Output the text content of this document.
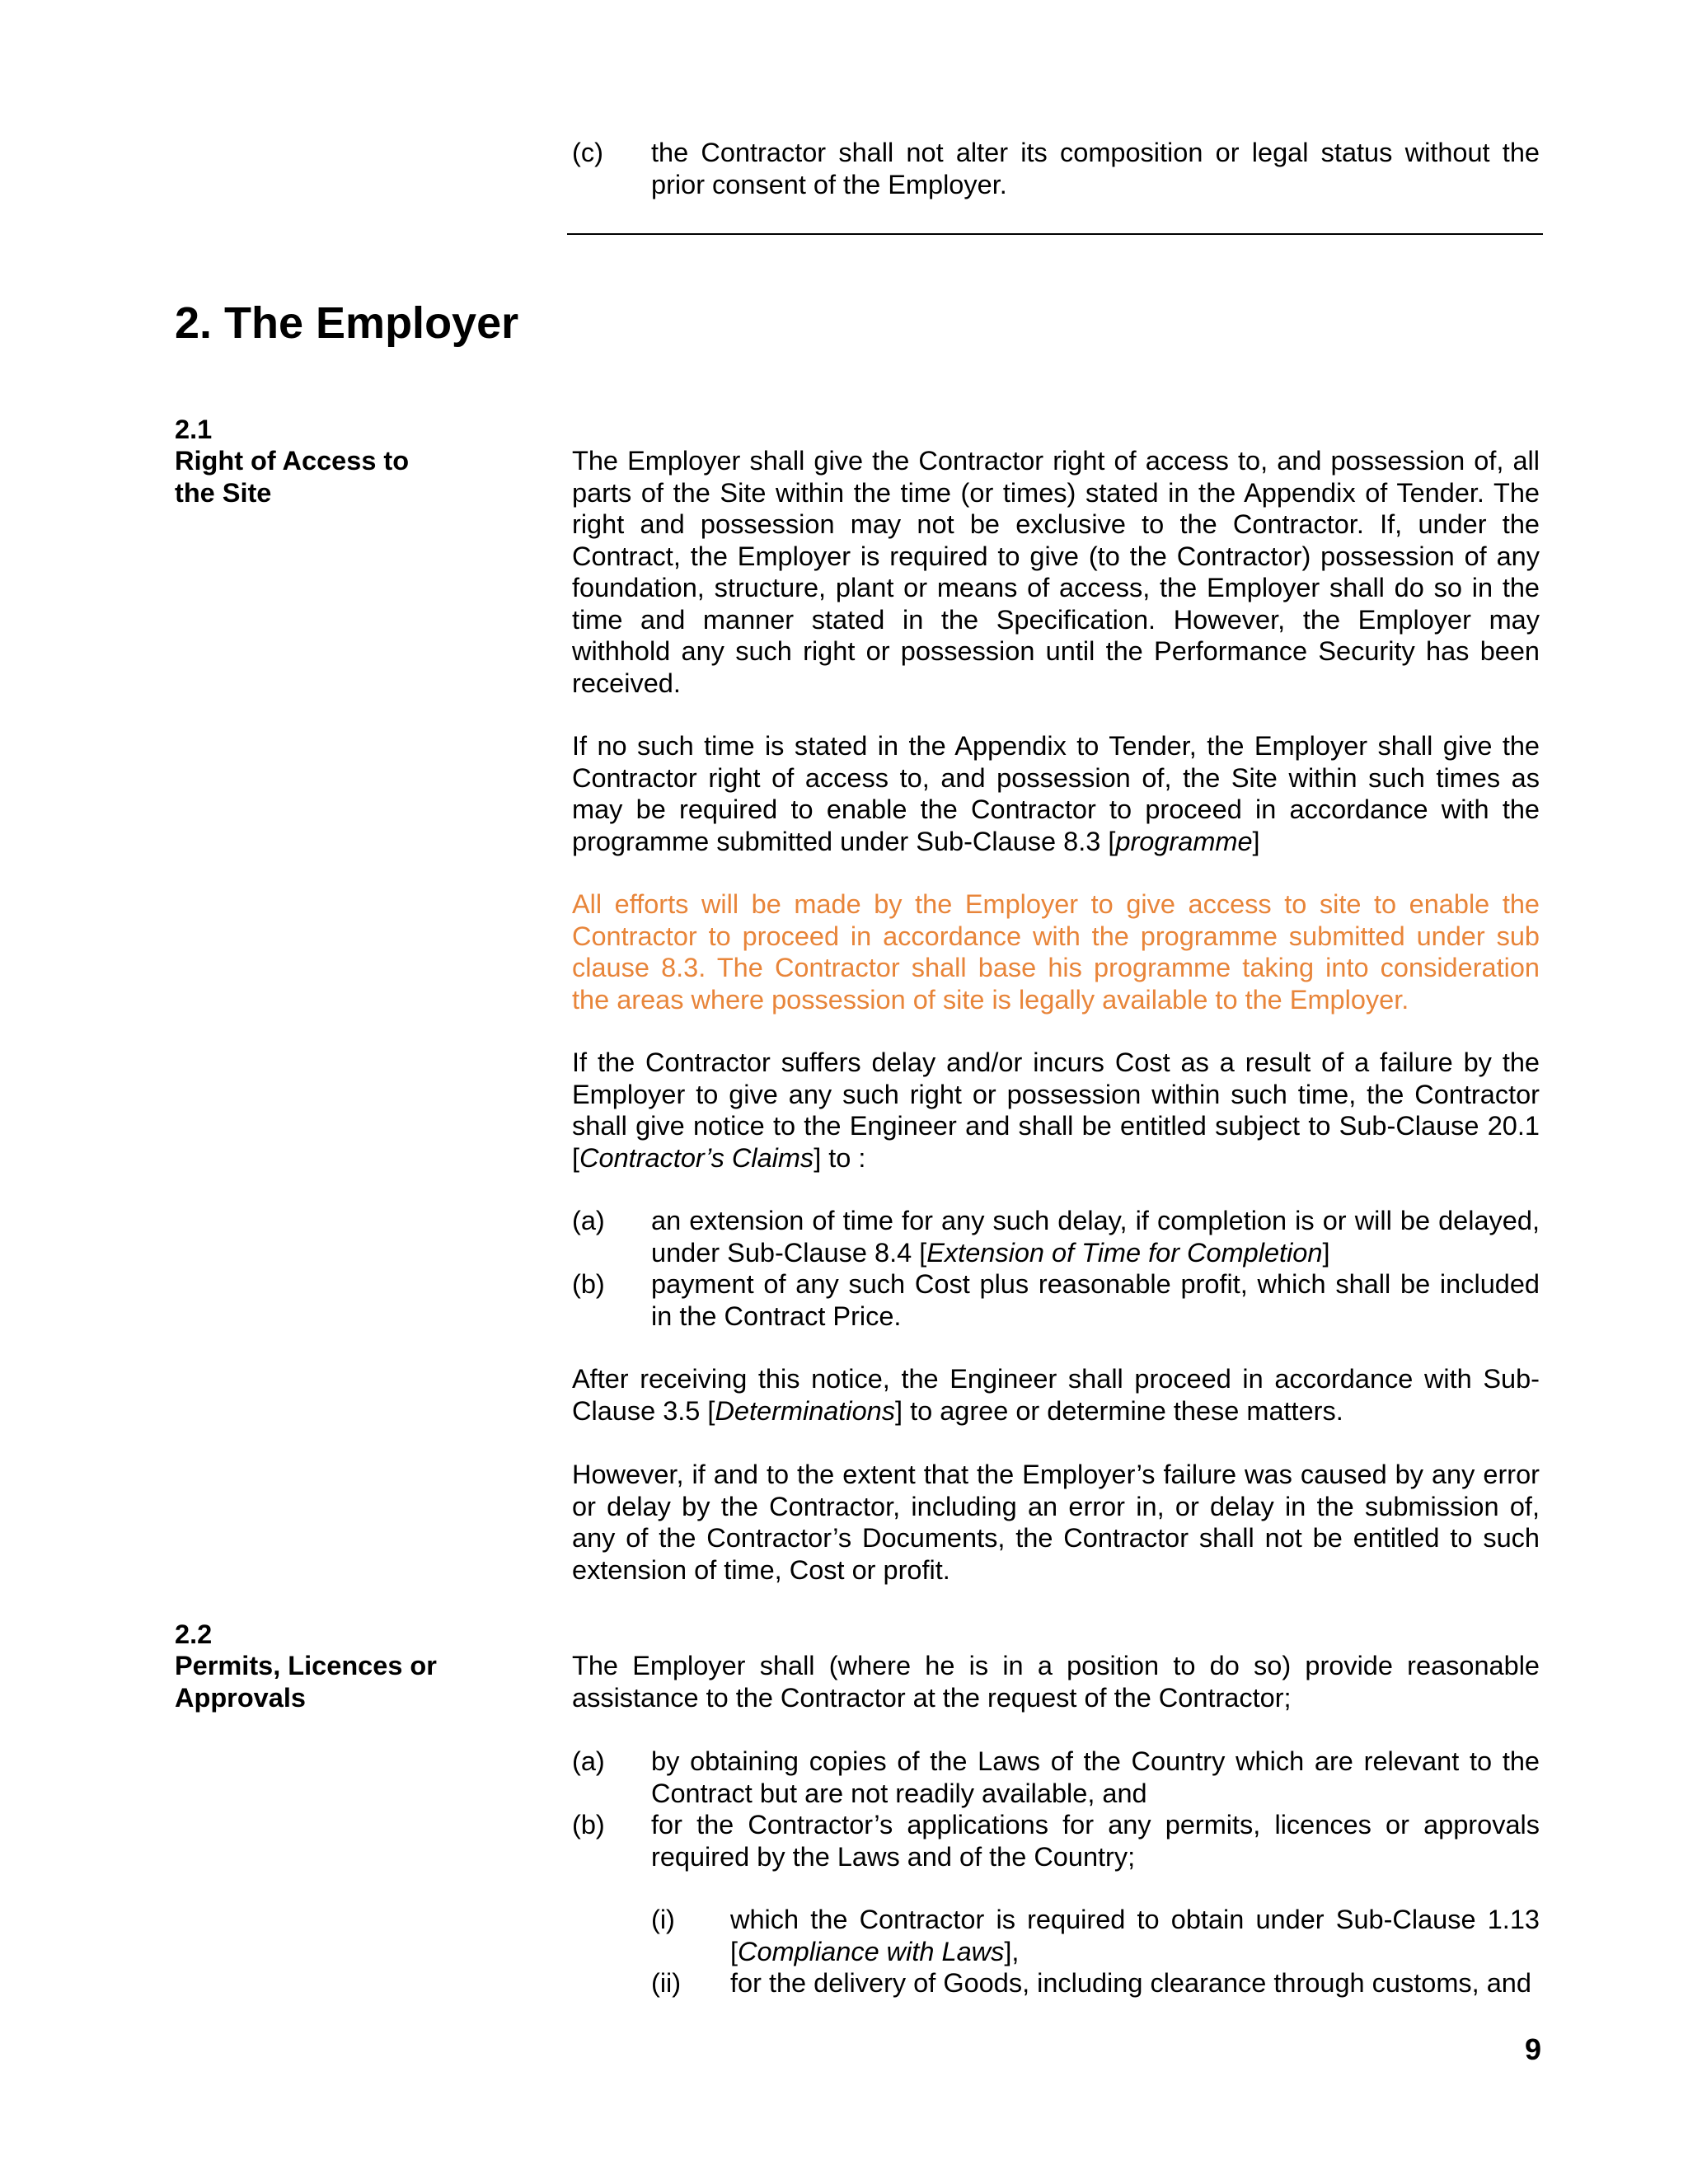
(c) the Contractor shall not alter its composition or legal status without the prior consent of the Employer.

2. The Employer
2.1
Right of Access to the Site

The Employer shall give the Contractor right of access to, and possession of, all parts of the Site within the time (or times) stated in the Appendix of Tender. The right and possession may not be exclusive to the Contractor. If, under the Contract, the Employer is required to give (to the Contractor) possession of any foundation, structure, plant or means of access, the Employer shall do so in the time and manner stated in the Specification. However, the Employer may withhold any such right or possession until the Performance Security has been received.

If no such time is stated in the Appendix to Tender, the Employer shall give the Contractor right of access to, and possession of, the Site within such times as may be required to enable the Contractor to proceed in accordance with the programme submitted under Sub-Clause 8.3 [programme]

All efforts will be made by the Employer to give access to site to enable the Contractor to proceed in accordance with the programme submitted under sub clause 8.3. The Contractor shall base his programme taking into consideration the areas where possession of site is legally available to the Employer.

If the Contractor suffers delay and/or incurs Cost as a result of a failure by the Employer to give any such right or possession within such time, the Contractor shall give notice to the Engineer and shall be entitled subject to Sub-Clause 20.1 [Contractor’s Claims] to :

(a) an extension of time for any such delay, if completion is or will be delayed, under Sub-Clause 8.4 [Extension of Time for Completion]

(b) payment of any such Cost plus reasonable profit, which shall be included in the Contract Price.

After receiving this notice, the Engineer shall proceed in accordance with Sub-Clause 3.5 [Determinations] to agree or determine these matters.

However, if and to the extent that the Employer’s failure was caused by any error or delay by the Contractor, including an error in, or delay in the submission of, any of the Contractor’s Documents, the Contractor shall not be entitled to such extension of time, Cost or profit.

2.2
Permits, Licences or Approvals

The Employer shall (where he is in a position to do so) provide reasonable assistance to the Contractor at the request of the Contractor;

(a) by obtaining copies of the Laws of the Country which are relevant to the Contract but are not readily available, and

(b) for the Contractor’s applications for any permits, licences or approvals required by the Laws and of the Country;

(i) which the Contractor is required to obtain under Sub-Clause 1.13 [Compliance with Laws],

(ii) for the delivery of Goods, including clearance through customs, and

9
